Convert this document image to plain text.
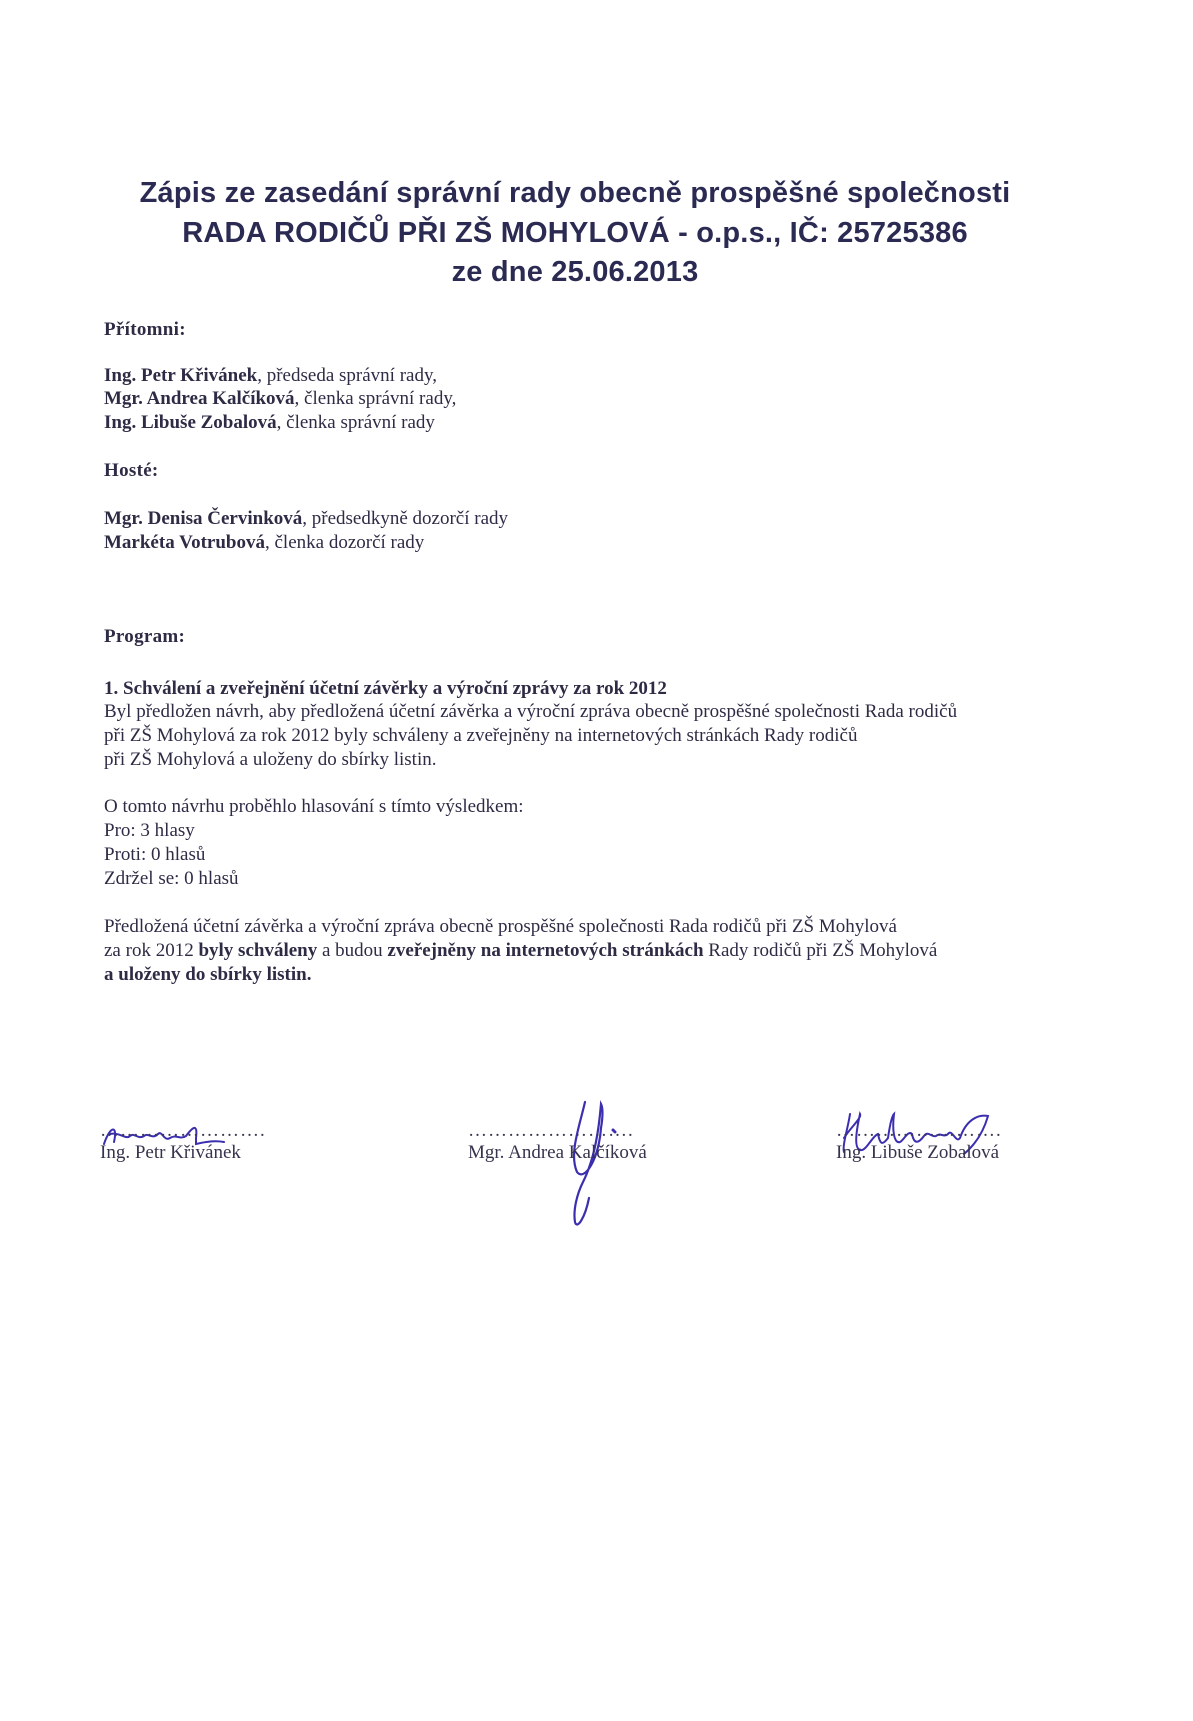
Zápis ze zasedání správní rady obecně prospěšné společnosti
RADA RODIČŮ PŘI ZŠ MOHYLOVÁ - o.p.s., IČ: 25725386
ze dne 25.06.2013
Přítomni:
Ing. Petr Křivánek, předseda správní rady,
Mgr. Andrea Kalčíková, členka správní rady,
Ing. Libuše Zobalová, členka správní rady
Hosté:
Mgr. Denisa Červinková, předsedkyně dozorčí rady
Markéta Votrubová, členka dozorčí rady
Program:
1. Schválení a zveřejnění účetní závěrky a výroční zprávy za rok 2012
Byl předložen návrh, aby předložená účetní závěrka a výroční zpráva obecně prospěšné společnosti Rada rodičů
při ZŠ Mohylová za rok 2012 byly schváleny a zveřejněny na internetových stránkách Rady rodičů
při ZŠ Mohylová a uloženy do sbírky listin.
O tomto návrhu proběhlo hlasování s tímto výsledkem:
Pro: 3 hlasy
Proti: 0 hlasů
Zdržel se: 0 hlasů
Předložená účetní závěrka a výroční zpráva obecně prospěšné společnosti Rada rodičů při ZŠ Mohylová
za rok 2012 byly schváleny a budou zveřejněny na internetových stránkách Rady rodičů při ZŠ Mohylová
a uloženy do sbírky listin.
…………………….
Ing. Petr Křivánek
…………………….
Mgr. Andrea Kalčíková
…………………….
Ing. Libuše Zobalová
